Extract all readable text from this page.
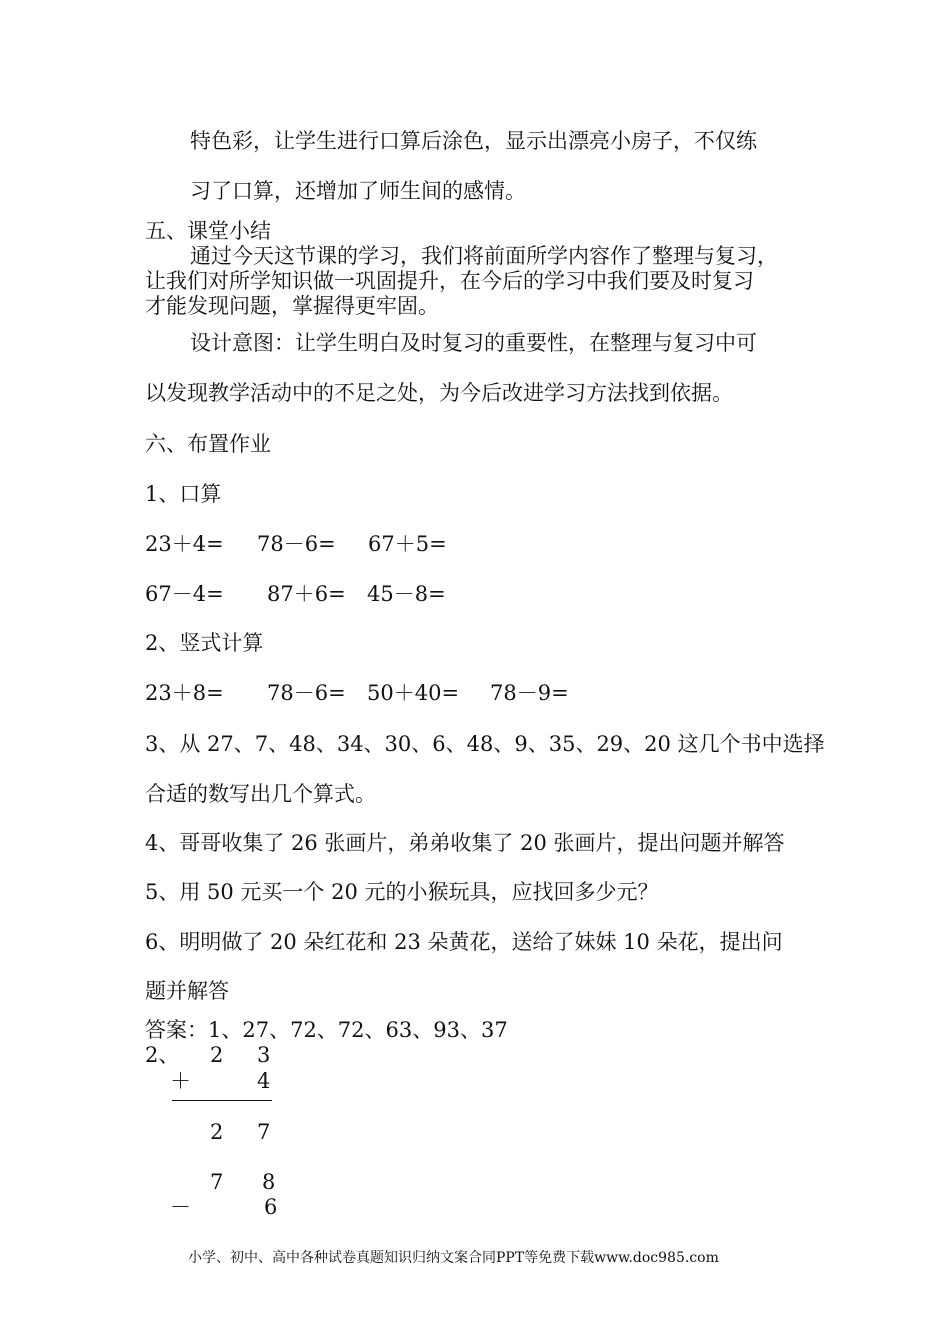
特色彩，让学生进行口算后涂色，显示出漂亮小房子，不仅练
习了口算，还增加了师生间的感情。
五、课堂小结
通过今天这节课的学习，我们将前面所学内容作了整理与复习，
让我们对所学知识做一巩固提升，在今后的学习中我们要及时复习
才能发现问题，掌握得更牢固。
设计意图：让学生明白及时复习的重要性，在整理与复习中可
以发现教学活动中的不足之处，为今后改进学习方法找到依据。
六、布置作业
1、口算
23＋4= 78－6= 67＋5=
67－4= 87＋6= 45－8=
2、竖式计算
23＋8= 78－6= 50＋40= 78－9=
3、从 27、7、48、34、30、6、48、9、35、29、20 这几个书中选择
合适的数写出几个算式。
4、哥哥收集了 26 张画片，弟弟收集了 20 张画片，提出问题并解答
5、用 50 元买一个 20 元的小猴玩具，应找回多少元？
6、明明做了 20 朵红花和 23 朵黄花，送给了妹妹 10 朵花，提出问
题并解答
答案：1、27、72、72、63、93、37
2、 2 3
＋	4
2 7
7 8
－	6
小学、初中、高中各种试卷真题知识归纳文案合同PPT等免费下载www.doc985.com
